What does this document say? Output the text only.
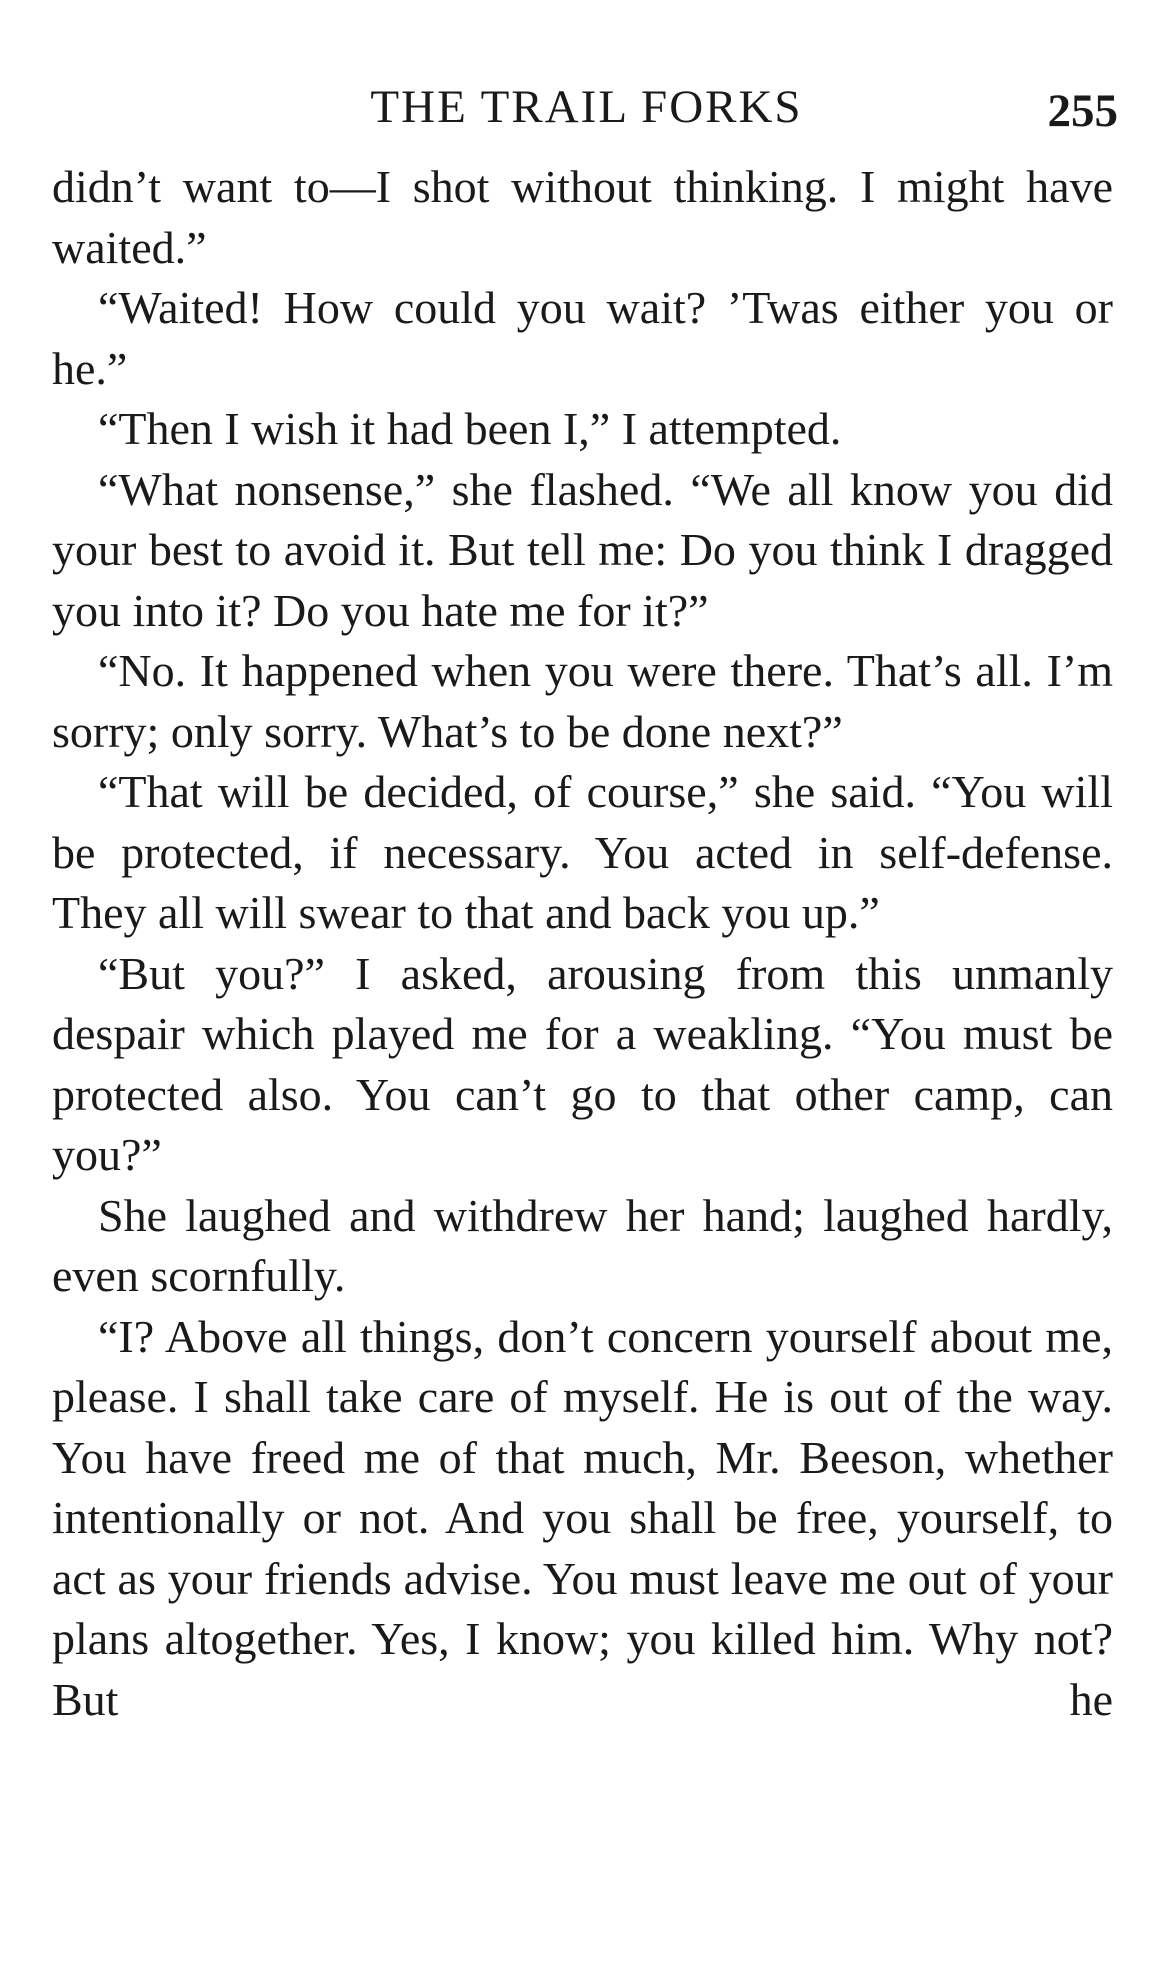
THE TRAIL FORKS	255

didn’t want to—I shot without thinking. I might have waited.”

“Waited! How could you wait? ’Twas either you or he.”

“Then I wish it had been I,” I attempted.

“What nonsense,” she flashed. “We all know you did your best to avoid it. But tell me: Do you think I dragged you into it? Do you hate me for it?”

“No. It happened when you were there. That’s all. I’m sorry; only sorry. What’s to be done next?”

“That will be decided, of course,” she said. “You will be protected, if necessary. You acted in self-defense. They all will swear to that and back you up.”

“But you?” I asked, arousing from this unmanly despair which played me for a weakling. “You must be protected also. You can’t go to that other camp, can you?”

She laughed and withdrew her hand; laughed hardly, even scornfully.

“I? Above all things, don’t concern yourself about me, please. I shall take care of myself. He is out of the way. You have freed me of that much, Mr. Beeson, whether intentionally or not. And you shall be free, yourself, to act as your friends advise. You must leave me out of your plans altogether. Yes, I know; you killed him. Why not? But he
